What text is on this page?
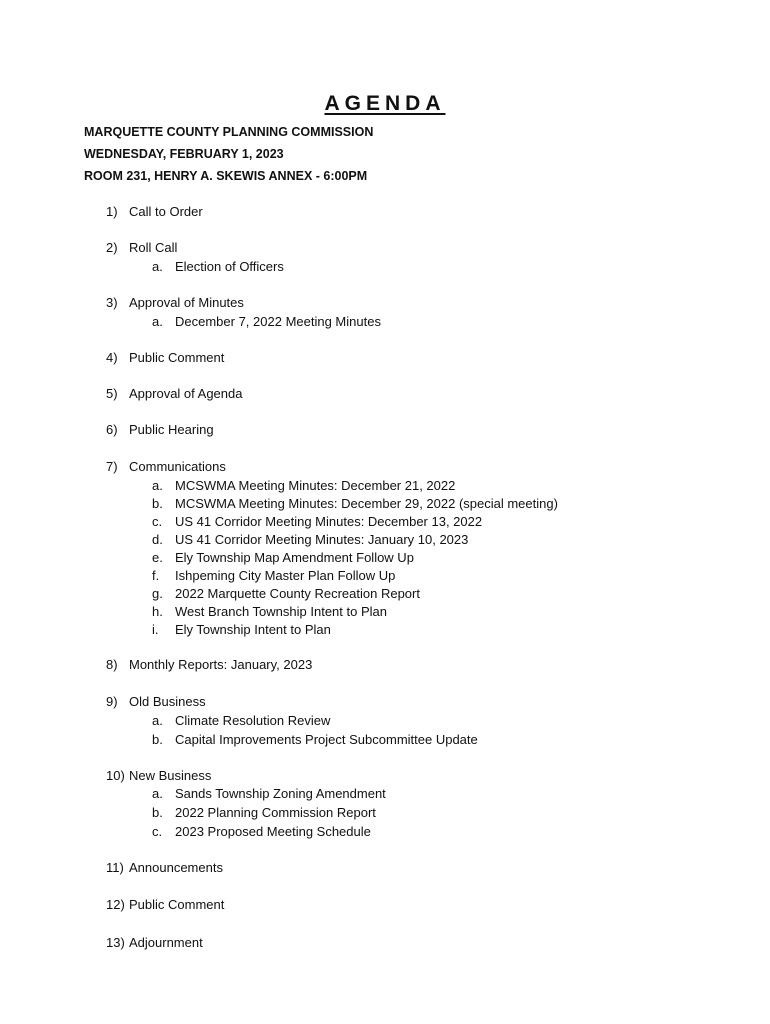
AGENDA
MARQUETTE COUNTY PLANNING COMMISSION
WEDNESDAY, FEBRUARY 1, 2023
ROOM 231, HENRY A. SKEWIS ANNEX - 6:00PM
1) Call to Order
2) Roll Call
a. Election of Officers
3) Approval of Minutes
a. December 7, 2022 Meeting Minutes
4) Public Comment
5) Approval of Agenda
6) Public Hearing
7) Communications
a. MCSWMA Meeting Minutes: December 21, 2022
b. MCSWMA Meeting Minutes: December 29, 2022 (special meeting)
c. US 41 Corridor Meeting Minutes: December 13, 2022
d. US 41 Corridor Meeting Minutes: January 10, 2023
e. Ely Township Map Amendment Follow Up
f. Ishpeming City Master Plan Follow Up
g. 2022 Marquette County Recreation Report
h. West Branch Township Intent to Plan
i. Ely Township Intent to Plan
8) Monthly Reports: January, 2023
9) Old Business
a. Climate Resolution Review
b. Capital Improvements Project Subcommittee Update
10) New Business
a. Sands Township Zoning Amendment
b. 2022 Planning Commission Report
c. 2023 Proposed Meeting Schedule
11) Announcements
12) Public Comment
13) Adjournment
